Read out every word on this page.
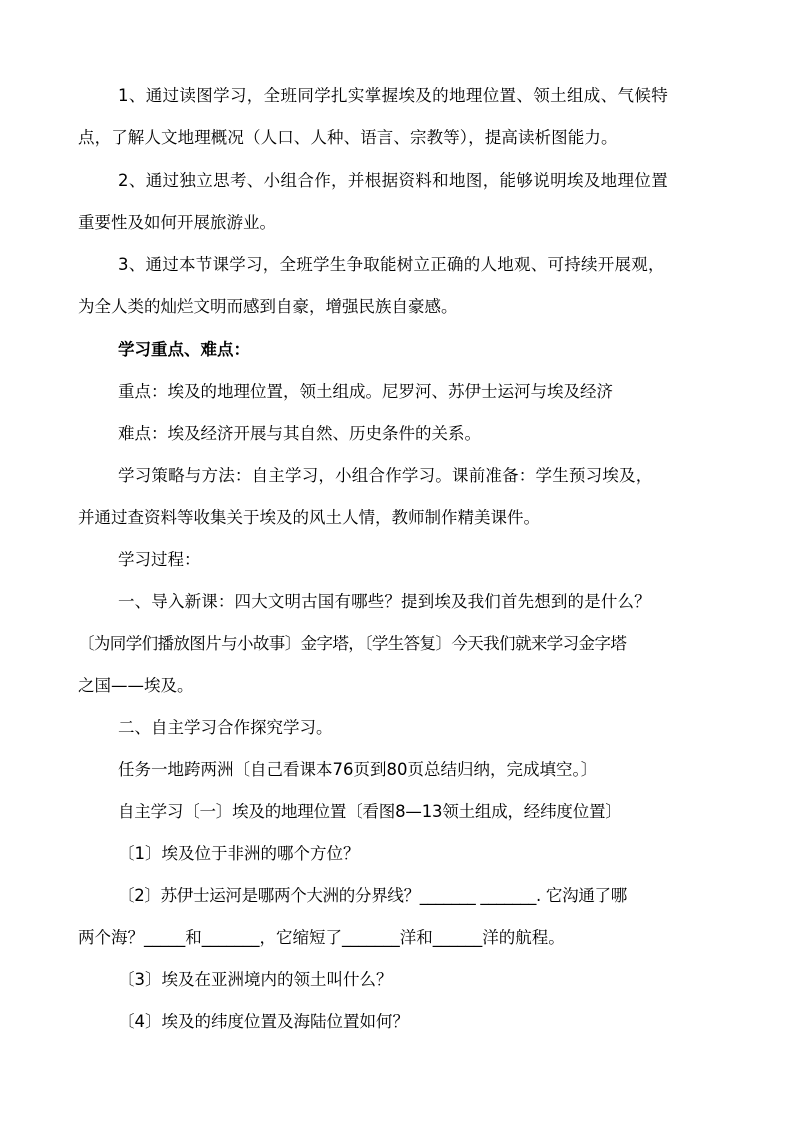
1、通过读图学习，全班同学扎实掌握埃及的地理位置、领土组成、气候特
点，了解人文地理概况（人口、人种、语言、宗教等），提高读析图能力。
2、通过独立思考、小组合作，并根据资料和地图，能够说明埃及地理位置
重要性及如何开展旅游业。
3、通过本节课学习，全班学生争取能树立正确的人地观、可持续开展观，
为全人类的灿烂文明而感到自豪，增强民族自豪感。
学习重点、难点：
重点：埃及的地理位置，领土组成。尼罗河、苏伊士运河与埃及经济
难点：埃及经济开展与其自然、历史条件的关系。
学习策略与方法：自主学习，小组合作学习。课前准备：学生预习埃及，
并通过查资料等收集关于埃及的风土人情，教师制作精美课件。
学习过程：
一、导入新课：四大文明古国有哪些？提到埃及我们首先想到的是什么？
〔为同学们播放图片与小故事〕金字塔，〔学生答复〕今天我们就来学习金字塔
之国——埃及。
二、自主学习合作探究学习。
任务一地跨两洲〔自己看课本76页到80页总结归纳，完成填空。〕
自主学习〔一〕埃及的地理位置〔看图8—13领土组成，经纬度位置〕
〔1〕埃及位于非洲的哪个方位？
〔2〕苏伊士运河是哪两个大洲的分界线？_______ _______. 它沟通了哪
两个海？_____和_______，它缩短了_______洋和______洋的航程。
〔3〕埃及在亚洲境内的领土叫什么？
〔4〕埃及的纬度位置及海陆位置如何？
